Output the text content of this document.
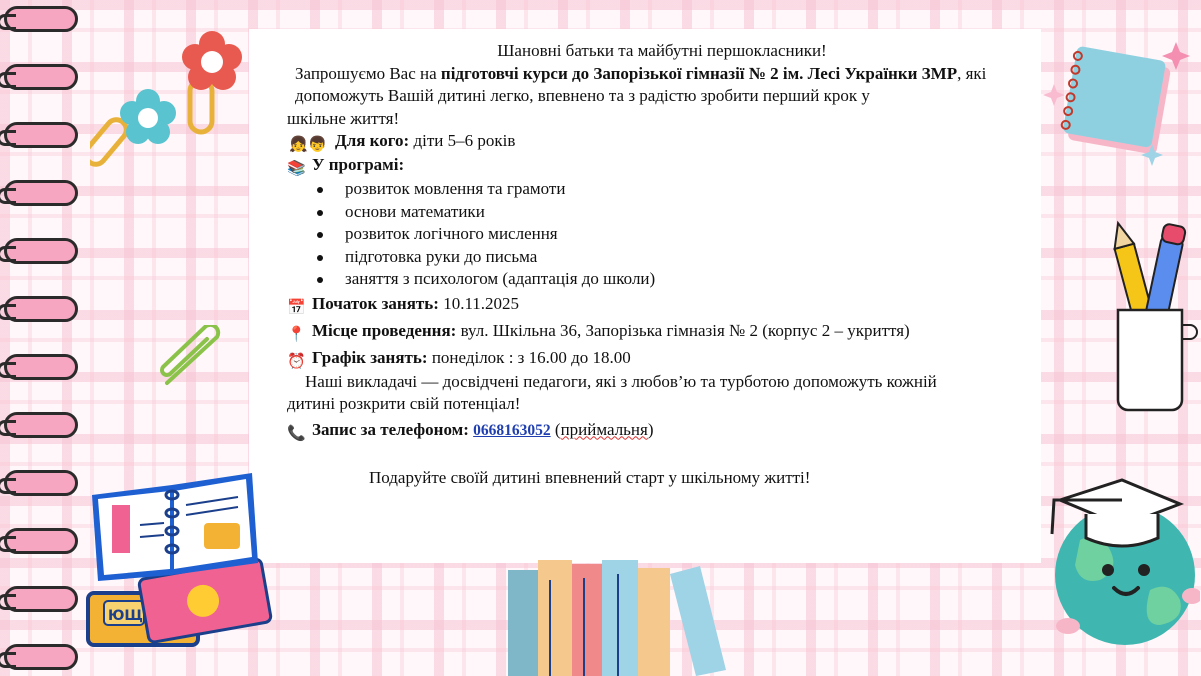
ЮЩ
Шановні батьки та майбутні першокласники!
Запрошуємо Вас на підготовчі курси до Запорізької гімназії № 2 ім. Лесі Українки ЗМР, які допоможуть Вашій дитині легко, впевнено та з радістю зробити перший крок у
шкільне життя!
👧👦 Для кого: діти 5–6 років
📚 У програмі:
розвиток мовлення та грамоти
основи математики
розвиток логічного мислення
підготовка руки до письма
заняття з психологом (адаптація до школи)
📅 Початок занять: 10.11.2025
📍 Місце проведення: вул. Шкільна 36, Запорізька гімназія № 2 (корпус 2 – укриття)
⏰ Графік занять: понеділок : з 16.00 до 18.00
Наші викладачі — досвідчені педагоги, які з любов’ю та турботою допоможуть кожній
дитині розкрити свій потенціал!
📞 Запис за телефоном: 0668163052 (приймальня)
Подаруйте своїй дитині впевнений старт у шкільному житті!
